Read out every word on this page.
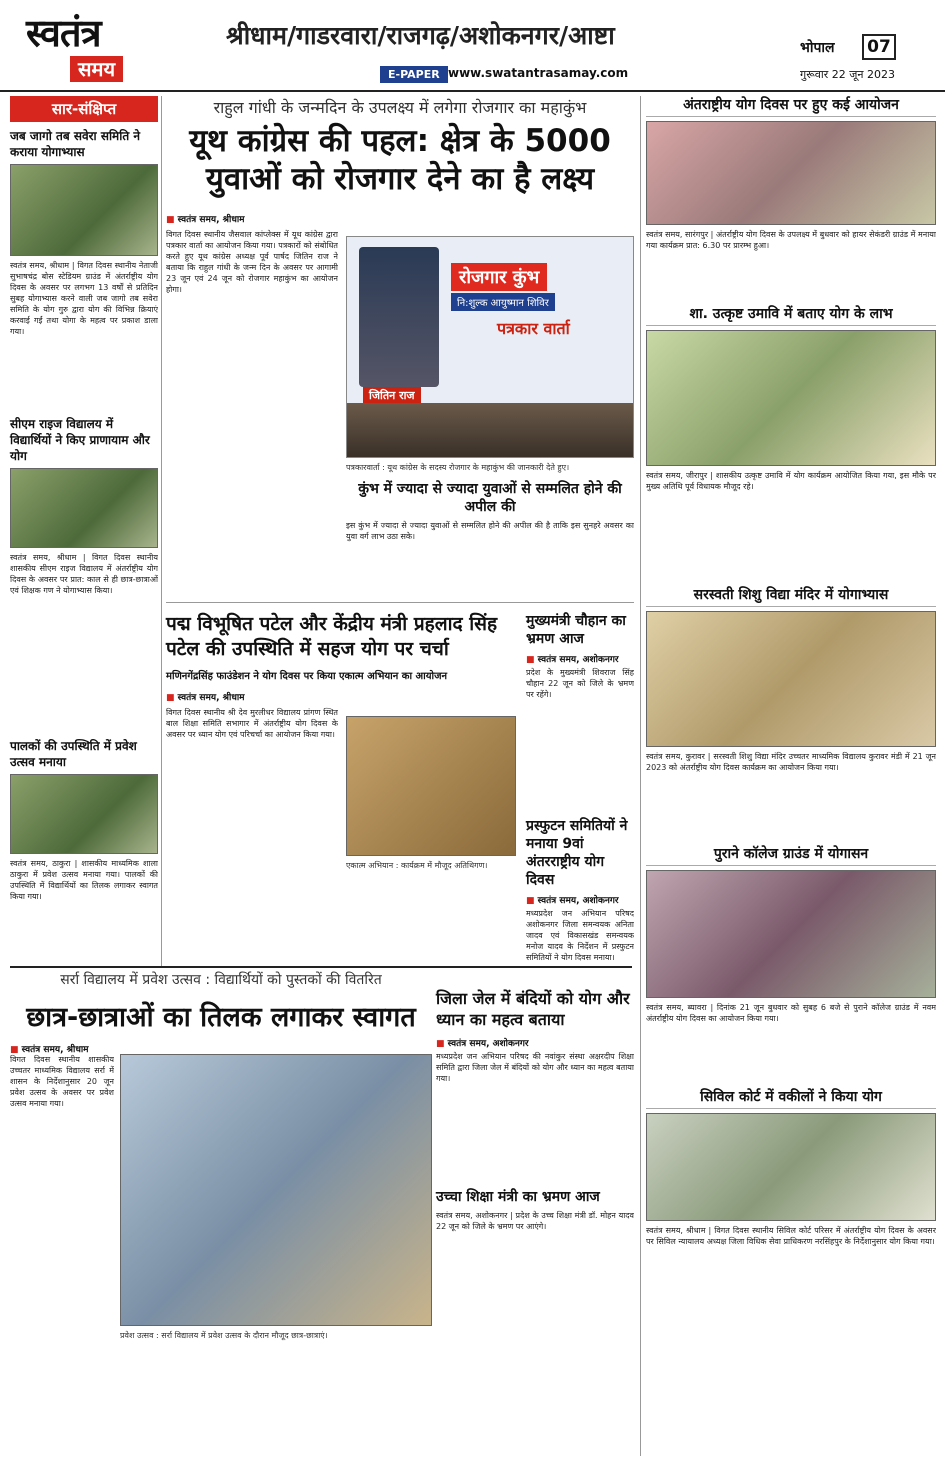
स्वतंत्र
समय
श्रीधाम/गाडरवारा/राजगढ़/अशोकनगर/आष्टा
E-PAPER www.swatantrasamay.com
भोपाल	07
गुरूवार 22 जून 2023
सार-संक्षिप्त
जब जागो तब सवेरा समिति ने कराया योगाभ्यास
स्वतंत्र समय, श्रीधाम | विगत दिवस स्थानीय नेताजी सुभाषचंद्र बोस स्टेडियम ग्राउंड में अंतर्राष्ट्रीय योग दिवस के अवसर पर लगभग 13 वर्षों से प्रतिदिन सुबह योगाभ्यास करने वाली जब जागो तब सवेरा समिति के योग गुरु द्वारा योग की विभिन्न क्रियाएं करवाई गईं तथा योगा के महत्व पर प्रकाश डाला गया।
सीएम राइज विद्यालय में विद्यार्थियों ने किए प्राणायाम और योग
स्वतंत्र समय, श्रीधाम | विगत दिवस स्थानीय शासकीय सीएम राइज विद्यालय में अंतर्राष्ट्रीय योग दिवस के अवसर पर प्रात: काल से ही छात्र-छात्राओं एवं शिक्षक गण ने योगाभ्यास किया।
पालकों की उपस्थिति में प्रवेश उत्सव मनाया
स्वतंत्र समय, ठाकुरा | शासकीय माध्यमिक शाला ठाकुरा में प्रवेश उत्सव मनाया गया। पालकों की उपस्थिति में विद्यार्थियों का तिलक लगाकर स्वागत किया गया।
राहुल गांधी के जन्मदिन के उपलक्ष्य में लगेगा रोजगार का महाकुंभ
यूथ कांग्रेस की पहल: क्षेत्र के 5000 युवाओं को रोजगार देने का है लक्ष्य
■ स्वतंत्र समय, श्रीधाम
विगत दिवस स्थानीय जैसवाल कांप्लेक्स में यूथ कांग्रेस द्वारा पत्रकार वार्ता का आयोजन किया गया। पत्रकारों को संबोधित करते हुए यूथ कांग्रेस अध्यक्ष पूर्व पार्षद जितिन राज ने बताया कि राहुल गांधी के जन्म दिन के अवसर पर आगामी 23 जून एवं 24 जून को रोजगार महाकुंभ का आयोजन होगा।
रोजगार कुंभ
नि:शुल्क आयुष्मान शिविर
पत्रकार वार्ता
जितिन राज
पत्रकारवार्ता : यूथ कांग्रेस के सदस्य रोजगार के महाकुंभ की जानकारी देते हुए।
कुंभ में ज्यादा से ज्यादा युवाओं से सम्मलित होने की अपील की
इस कुंभ में ज्यादा से ज्यादा युवाओं से सम्मलित होने की अपील की है ताकि इस सुनहरे अवसर का युवा वर्ग लाभ उठा सके।
पद्म विभूषित पटेल और केंद्रीय मंत्री प्रहलाद सिंह पटेल की उपस्थिति में सहज योग पर चर्चा
मणिनगेंद्रसिंह फाउंडेशन ने योग दिवस पर किया एकात्म अभियान का आयोजन
■ स्वतंत्र समय, श्रीधाम
विगत दिवस स्थानीय श्री देव मुरलीधर विद्यालय प्रांगण स्थित बाल शिक्षा समिति सभागार में अंतर्राष्ट्रीय योग दिवस के अवसर पर ध्यान योग एवं परिचर्चा का आयोजन किया गया।
एकात्म अभियान : कार्यक्रम में मौजूद अतिथिगण।
मुख्यमंत्री चौहान का भ्रमण आज
■ स्वतंत्र समय, अशोकनगर
प्रदेश के मुख्यमंत्री शिवराज सिंह चौहान 22 जून को जिले के भ्रमण पर रहेंगे।
प्रस्फुटन समितियों ने मनाया 9वां अंतरराष्ट्रीय योग दिवस
■ स्वतंत्र समय, अशोकनगर
मध्यप्रदेश जन अभियान परिषद अशोकनगर जिला समन्वयक अनिता जादव एवं विकासखंड समन्वयक मनोज यादव के निर्देशन में प्रस्फुटन समितियों ने योग दिवस मनाया।
सर्रा विद्यालय में प्रवेश उत्सव : विद्यार्थियों को पुस्तकों की वितरित
छात्र-छात्राओं का तिलक लगाकर स्वागत
■ स्वतंत्र समय, श्रीधाम
विगत दिवस स्थानीय शासकीय उच्चतर माध्यमिक विद्यालय सर्रा में शासन के निर्देशानुसार 20 जून प्रवेश उत्सव के अवसर पर प्रवेश उत्सव मनाया गया।
प्रवेश उत्सव : सर्रा विद्यालय में प्रवेश उत्सव के दौरान मौजूद छात्र-छात्राएं।
जिला जेल में बंदियों को योग और ध्यान का महत्व बताया
■ स्वतंत्र समय, अशोकनगर
मध्यप्रदेश जन अभियान परिषद की नवांकुर संस्था अक्षरदीप शिक्षा समिति द्वारा जिला जेल में बंदियों को योग और ध्यान का महत्व बताया गया।
उच्चा शिक्षा मंत्री का भ्रमण आज
स्वतंत्र समय, अशोकनगर | प्रदेश के उच्च शिक्षा मंत्री डॉ. मोहन यादव 22 जून को जिले के भ्रमण पर आएंगे।
अंतराष्ट्रीय योग दिवस पर हुए कई आयोजन
स्वतंत्र समय, सारंगपुर | अंतर्राष्ट्रीय योग दिवस के उपलक्ष्य में बुधवार को हायर सेकंडरी ग्राउंड में मनाया गया कार्यक्रम प्रात: 6.30 पर प्रारम्भ हुआ।
शा. उत्कृष्ट उमावि में बताए योग के लाभ
स्वतंत्र समय, जीरापुर | शासकीय उत्कृष्ट उमावि में योग कार्यक्रम आयोजित किया गया, इस मौके पर मुख्य अतिथि पूर्व विधायक मौजूद रहे।
सरस्वती शिशु विद्या मंदिर में योगाभ्यास
स्वतंत्र समय, कुरावर | सरस्वती शिशु विद्या मंदिर उच्चतर माध्यमिक विद्यालय कुरावर मंडी में 21 जून 2023 को अंतर्राष्ट्रीय योग दिवस कार्यक्रम का आयोजन किया गया।
पुराने कॉलेज ग्राउंड में योगासन
स्वतंत्र समय, ब्यावरा | दिनांक 21 जून बुधवार को सुबह 6 बजे से पुराने कॉलेज ग्राउंड में नवम अंतर्राष्ट्रीय योग दिवस का आयोजन किया गया।
सिविल कोर्ट में वकीलों ने किया योग
स्वतंत्र समय, श्रीधाम | विगत दिवस स्थानीय सिविल कोर्ट परिसर में अंतर्राष्ट्रीय योग दिवस के अवसर पर सिविल न्यायालय अध्यक्ष जिला विधिक सेवा प्राधिकरण नरसिंहपुर के निर्देशानुसार योग किया गया।
